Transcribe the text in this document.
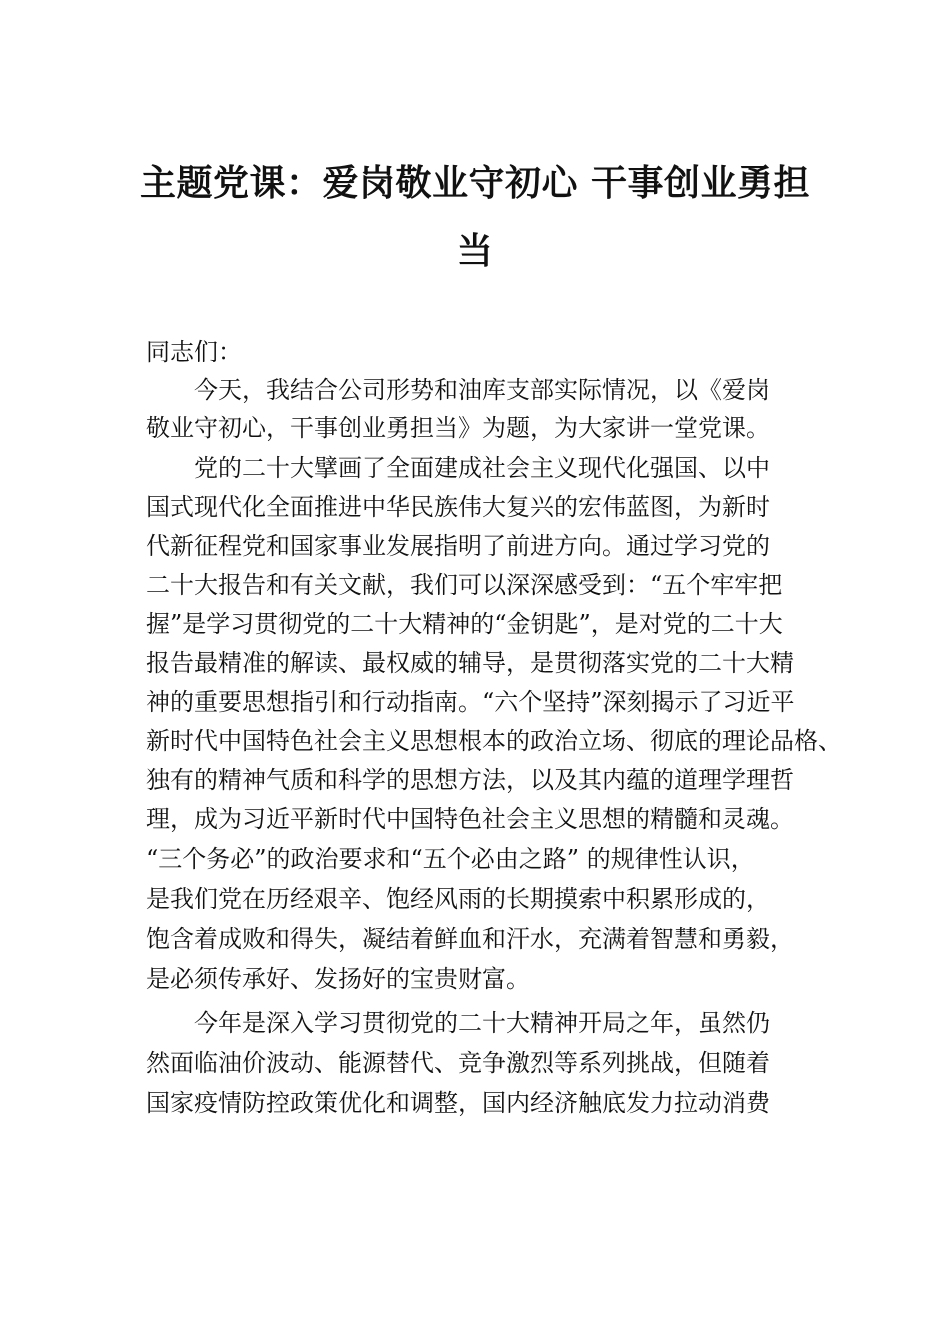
主题党课：爱岗敬业守初心 干事创业勇担
当
同志们：
今天，我结合公司形势和油库支部实际情况，以《爱岗
敬业守初心，干事创业勇担当》为题，为大家讲一堂党课。
党的二十大擘画了全面建成社会主义现代化强国、以中
国式现代化全面推进中华民族伟大复兴的宏伟蓝图，为新时
代新征程党和国家事业发展指明了前进方向。通过学习党的
二十大报告和有关文献，我们可以深深感受到：“五个牢牢把
握”是学习贯彻党的二十大精神的“金钥匙”，是对党的二十大
报告最精准的解读、最权威的辅导，是贯彻落实党的二十大精
神的重要思想指引和行动指南。“六个坚持”深刻揭示了习近平
新时代中国特色社会主义思想根本的政治立场、彻底的理论品格、
独有的精神气质和科学的思想方法，以及其内蕴的道理学理哲
理，成为习近平新时代中国特色社会主义思想的精髓和灵魂。
“三个务必”的政治要求和“五个必由之路” 的规律性认识，
是我们党在历经艰辛、饱经风雨的长期摸索中积累形成的，
饱含着成败和得失，凝结着鲜血和汗水，充满着智慧和勇毅，
是必须传承好、发扬好的宝贵财富。
今年是深入学习贯彻党的二十大精神开局之年，虽然仍
然面临油价波动、能源替代、竞争激烈等系列挑战，但随着
国家疫情防控政策优化和调整，国内经济触底发力拉动消费
